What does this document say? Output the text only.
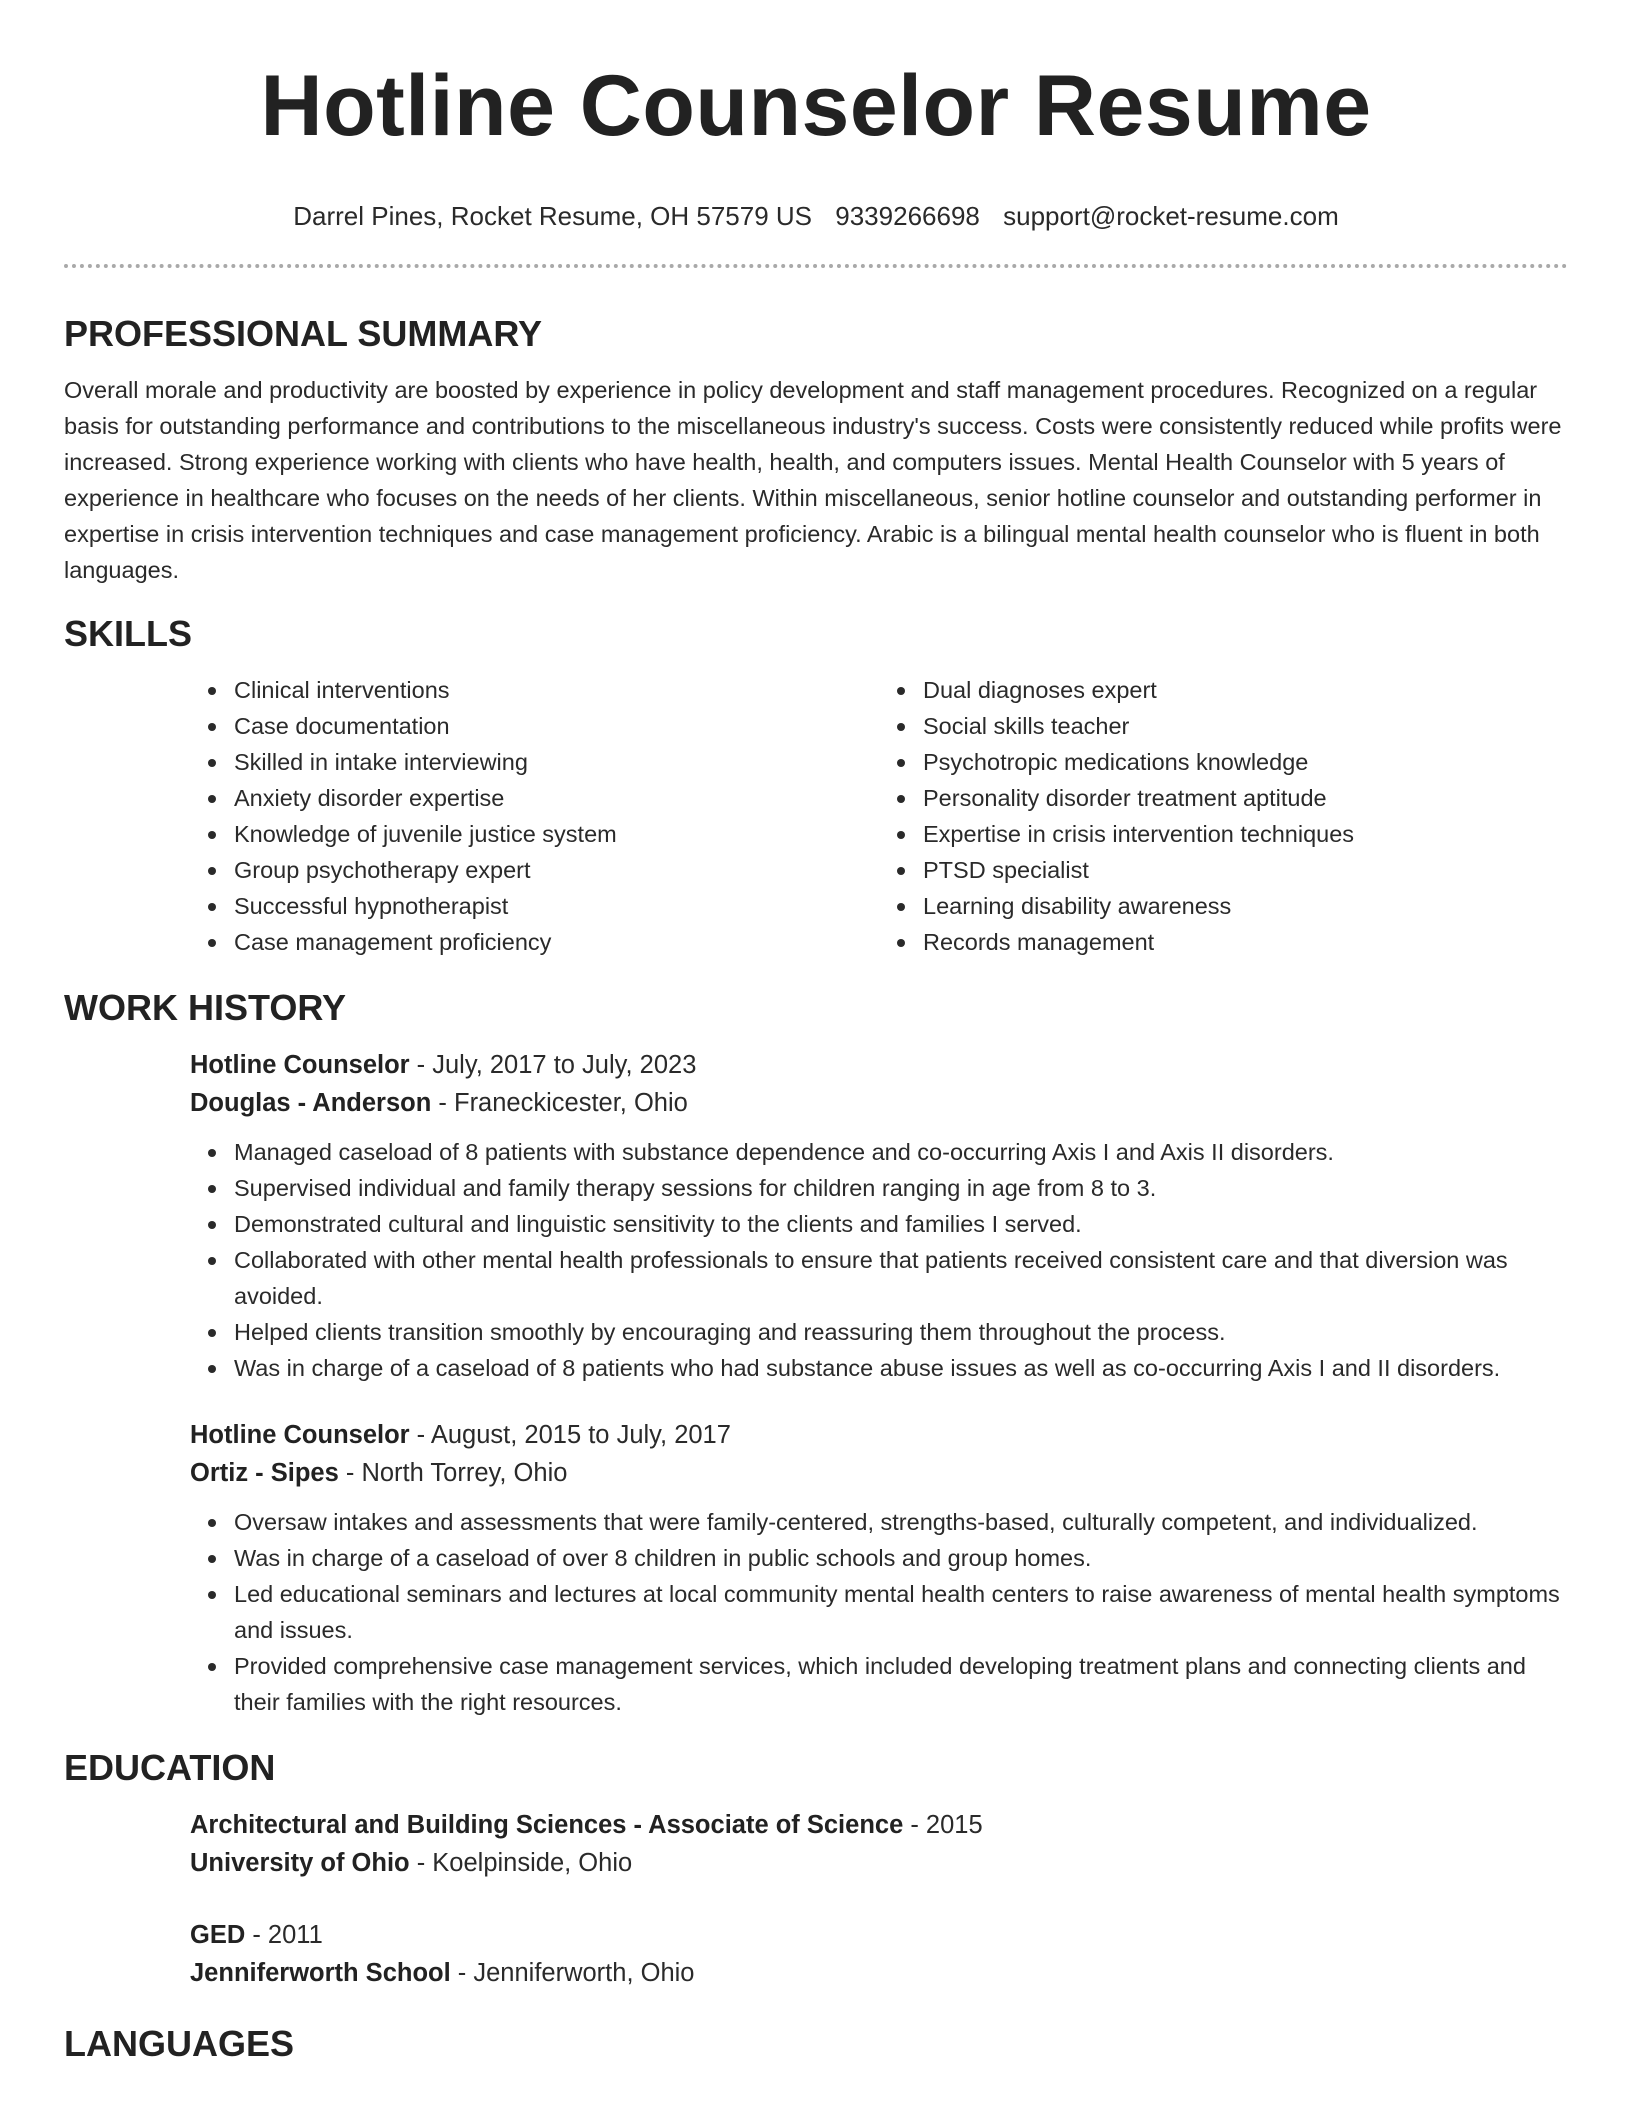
Hotline Counselor Resume
Darrel Pines, Rocket Resume, OH 57579 US 9339266698 support@rocket-resume.com
PROFESSIONAL SUMMARY

Overall morale and productivity are boosted by experience in policy development and staff management procedures. Recognized on a regular basis for outstanding performance and contributions to the miscellaneous industry's success. Costs were consistently reduced while profits were increased. Strong experience working with clients who have health, health, and computers issues. Mental Health Counselor with 5 years of experience in healthcare who focuses on the needs of her clients. Within miscellaneous, senior hotline counselor and outstanding performer in expertise in crisis intervention techniques and case management proficiency. Arabic is a bilingual mental health counselor who is fluent in both languages.

SKILLS
Clinical interventions
Case documentation
Skilled in intake interviewing
Anxiety disorder expertise
Knowledge of juvenile justice system
Group psychotherapy expert
Successful hypnotherapist
Case management proficiency
Dual diagnoses expert
Social skills teacher
Psychotropic medications knowledge
Personality disorder treatment aptitude
Expertise in crisis intervention techniques
PTSD specialist
Learning disability awareness
Records management
WORK HISTORY
Hotline Counselor - July, 2017 to July, 2023
Douglas - Anderson - Franeckicester, Ohio
Managed caseload of 8 patients with substance dependence and co-occurring Axis I and Axis II disorders.
Supervised individual and family therapy sessions for children ranging in age from 8 to 3.
Demonstrated cultural and linguistic sensitivity to the clients and families I served.
Collaborated with other mental health professionals to ensure that patients received consistent care and that diversion was avoided.
Helped clients transition smoothly by encouraging and reassuring them throughout the process.
Was in charge of a caseload of 8 patients who had substance abuse issues as well as co-occurring Axis I and II disorders.
Hotline Counselor - August, 2015 to July, 2017
Ortiz - Sipes - North Torrey, Ohio
Oversaw intakes and assessments that were family-centered, strengths-based, culturally competent, and individualized.
Was in charge of a caseload of over 8 children in public schools and group homes.
Led educational seminars and lectures at local community mental health centers to raise awareness of mental health symptoms and issues.
Provided comprehensive case management services, which included developing treatment plans and connecting clients and their families with the right resources.
EDUCATION
Architectural and Building Sciences - Associate of Science - 2015
University of Ohio - Koelpinside, Ohio
GED - 2011
Jenniferworth School - Jenniferworth, Ohio
LANGUAGES
